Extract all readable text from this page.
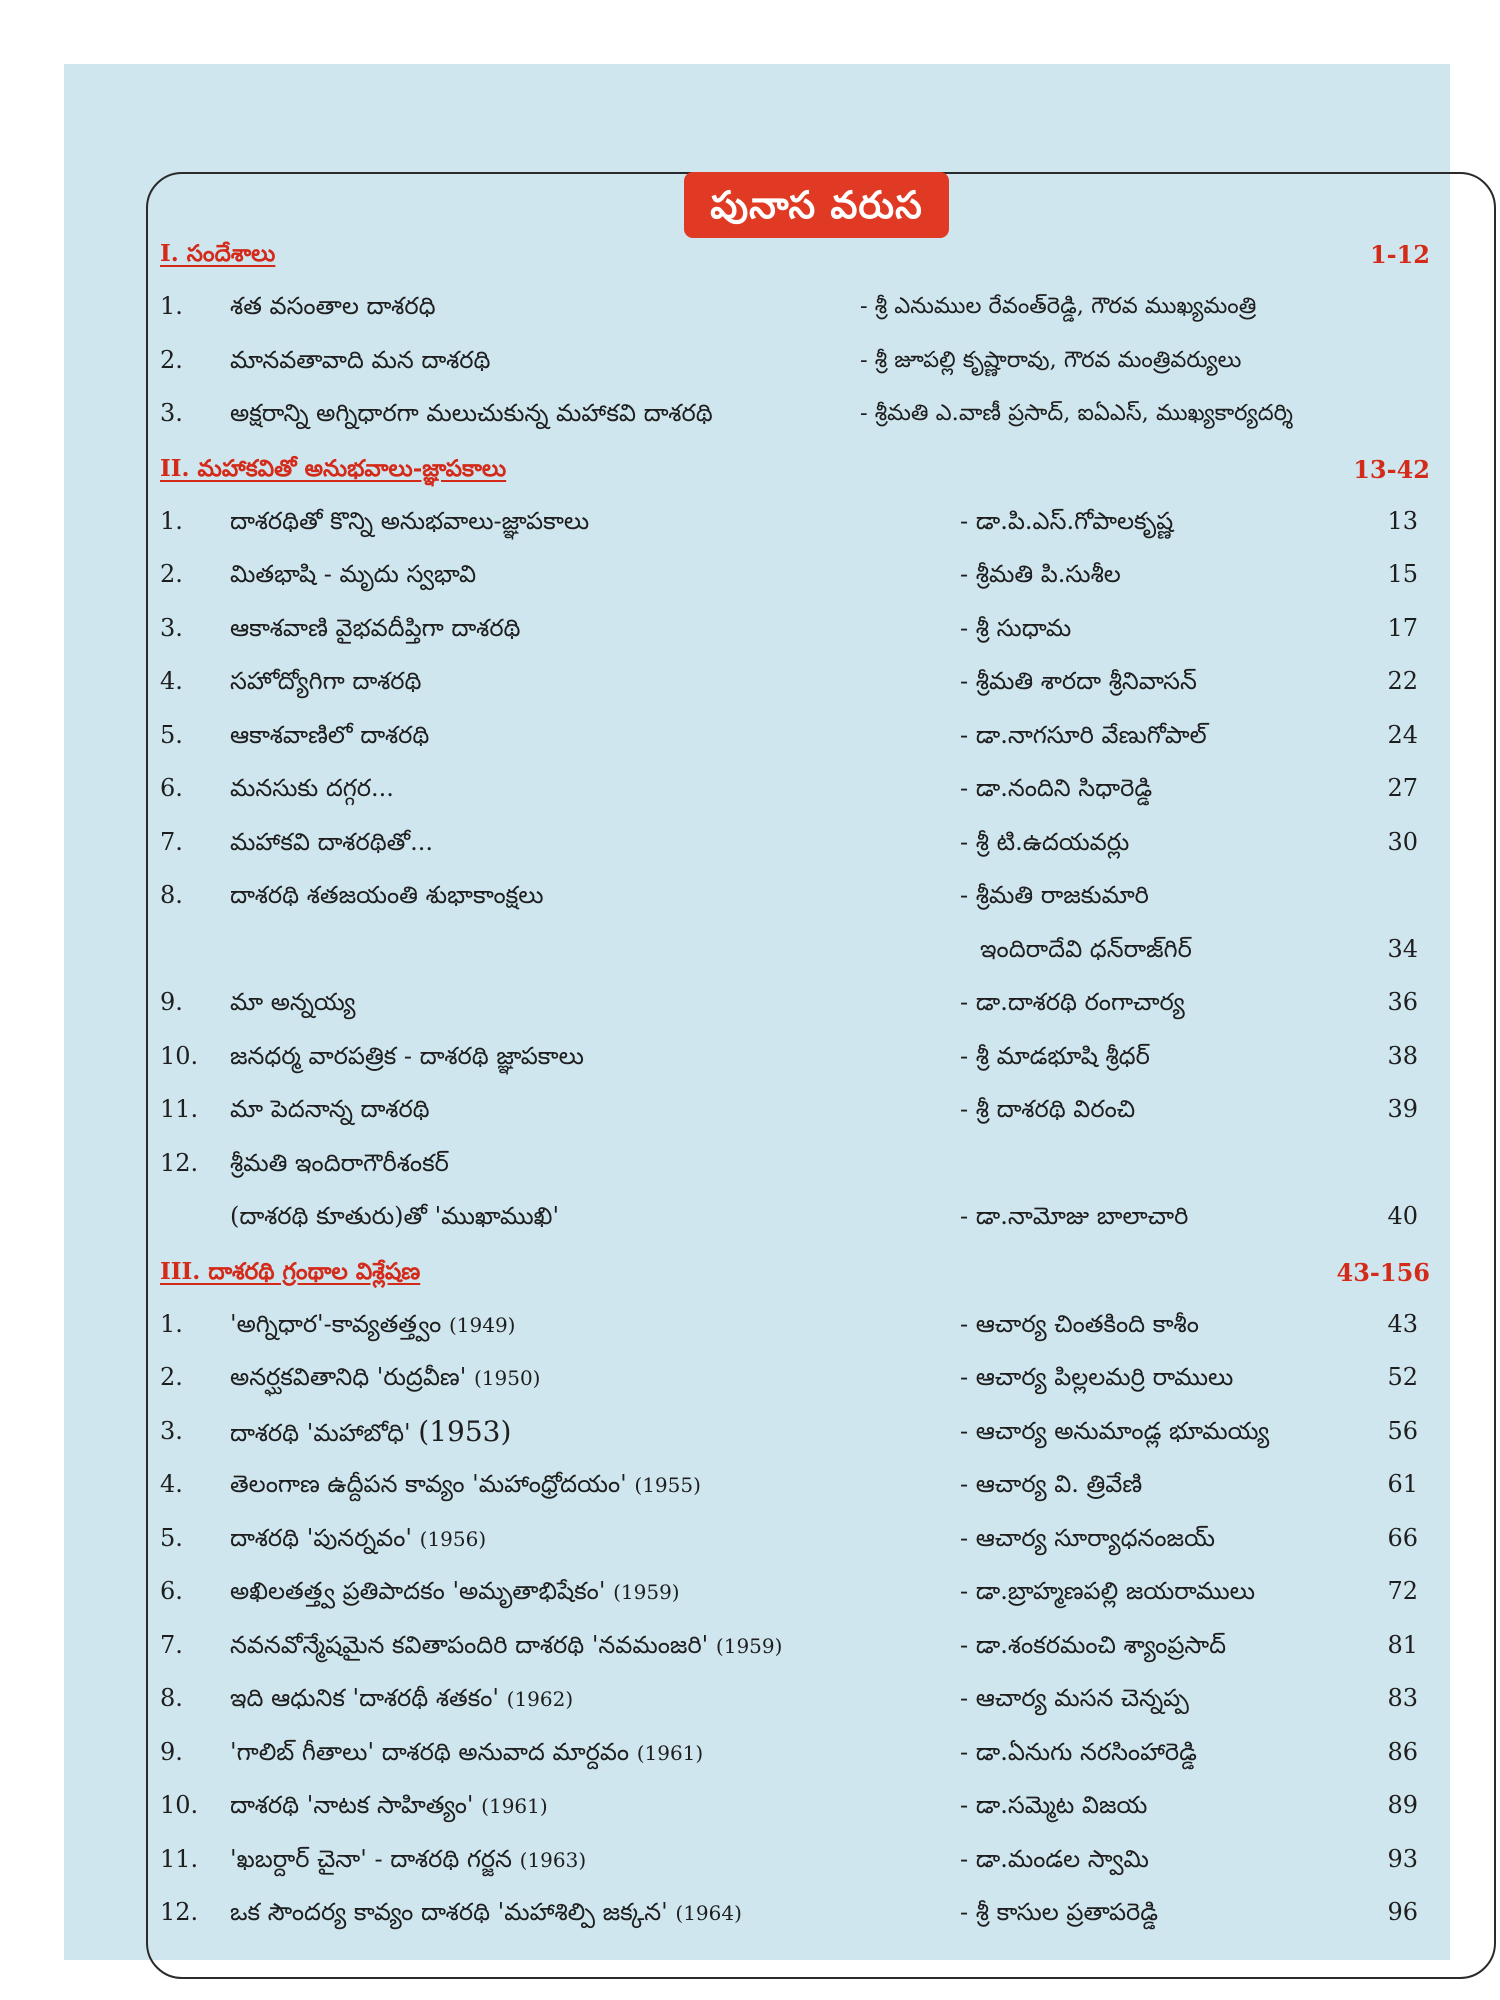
పునాస వరుస
I. సందేశాలు	1-12
1. శత వసంతాల దాశరధి	- శ్రీ ఎనుముల రేవంత్‌రెడ్డి, గౌరవ ముఖ్యమంత్రి
2. మానవతావాది మన దాశరథి	- శ్రీ జూపల్లి కృష్ణారావు, గౌరవ మంత్రివర్యులు
3. అక్షరాన్ని అగ్నిధారగా మలుచుకున్న మహాకవి దాశరథి	- శ్రీమతి ఎ.వాణీ ప్రసాద్, ఐఏఎస్, ముఖ్యకార్యదర్శి
II. మహాకవితో అనుభవాలు-జ్ఞాపకాలు	13-42
1. దాశరథితో కొన్ని అనుభవాలు-జ్ఞాపకాలు	- డా.పి.ఎస్.గోపాలకృష్ణ	13
2. మితభాషి - మృదు స్వభావి	- శ్రీమతి పి.సుశీల	15
3. ఆకాశవాణి వైభవదీప్తిగా దాశరథి	- శ్రీ సుధామ	17
4. సహోద్యోగిగా దాశరథి	- శ్రీమతి శారదా శ్రీనివాసన్	22
5. ఆకాశవాణిలో దాశరథి	- డా.నాగసూరి వేణుగోపాల్	24
6. మనసుకు దగ్గర...	- డా.నందిని సిధారెడ్డి	27
7. మహాకవి దాశరథితో...	- శ్రీ టి.ఉదయవర్లు	30
8. దాశరథి శతజయంతి శుభాకాంక్షలు	- శ్రీమతి రాజకుమారి
ఇందిరాదేవి ధన్‌రాజ్‌గిర్	34
9. మా అన్నయ్య	- డా.దాశరథి రంగాచార్య	36
10. జనధర్మ వారపత్రిక - దాశరథి జ్ఞాపకాలు	- శ్రీ మాడభూషి శ్రీధర్	38
11. మా పెదనాన్న దాశరథి	- శ్రీ దాశరథి విరంచి	39
12. శ్రీమతి ఇందిరాగౌరీశంకర్
(దాశరథి కూతురు)తో 'ముఖాముఖి'	- డా.నామోజు బాలాచారి	40
III. దాశరథి గ్రంథాల విశ్లేషణ	43-156
1. 'అగ్నిధార'-కావ్యతత్త్వం (1949)	- ఆచార్య చింతకింది కాశీం	43
2. అనర్ఘకవితానిధి 'రుద్రవీణ' (1950)	- ఆచార్య పిల్లలమర్రి రాములు	52
3. దాశరథి 'మహాబోధి' (1953)	- ఆచార్య అనుమాండ్ల భూమయ్య	56
4. తెలంగాణ ఉద్దీపన కావ్యం 'మహాంధ్రోదయం' (1955)	- ఆచార్య వి. త్రివేణి	61
5. దాశరథి 'పునర్నవం' (1956)	- ఆచార్య సూర్యాధనంజయ్	66
6. అఖిలతత్త్వ ప్రతిపాదకం 'అమృతాభిషేకం' (1959)	- డా.బ్రాహ్మణపల్లి జయరాములు	72
7. నవనవోన్మేషమైన కవితాపందిరి దాశరథి 'నవమంజరి' (1959)	- డా.శంకరమంచి శ్యాంప్రసాద్	81
8. ఇది ఆధునిక 'దాశరథీ శతకం' (1962)	- ఆచార్య మసన చెన్నప్ప	83
9. 'గాలిబ్ గీతాలు' దాశరథి అనువాద మార్దవం (1961)	- డా.ఏనుగు నరసింహారెడ్డి	86
10. దాశరథి 'నాటక సాహిత్యం' (1961)	- డా.సమ్మెట విజయ	89
11. 'ఖబర్దార్ చైనా' - దాశరథి గర్జన (1963)	- డా.మండల స్వామి	93
12. ఒక సౌందర్య కావ్యం దాశరథి 'మహాశిల్పి జక్కన' (1964)	- శ్రీ కాసుల ప్రతాపరెడ్డి	96
